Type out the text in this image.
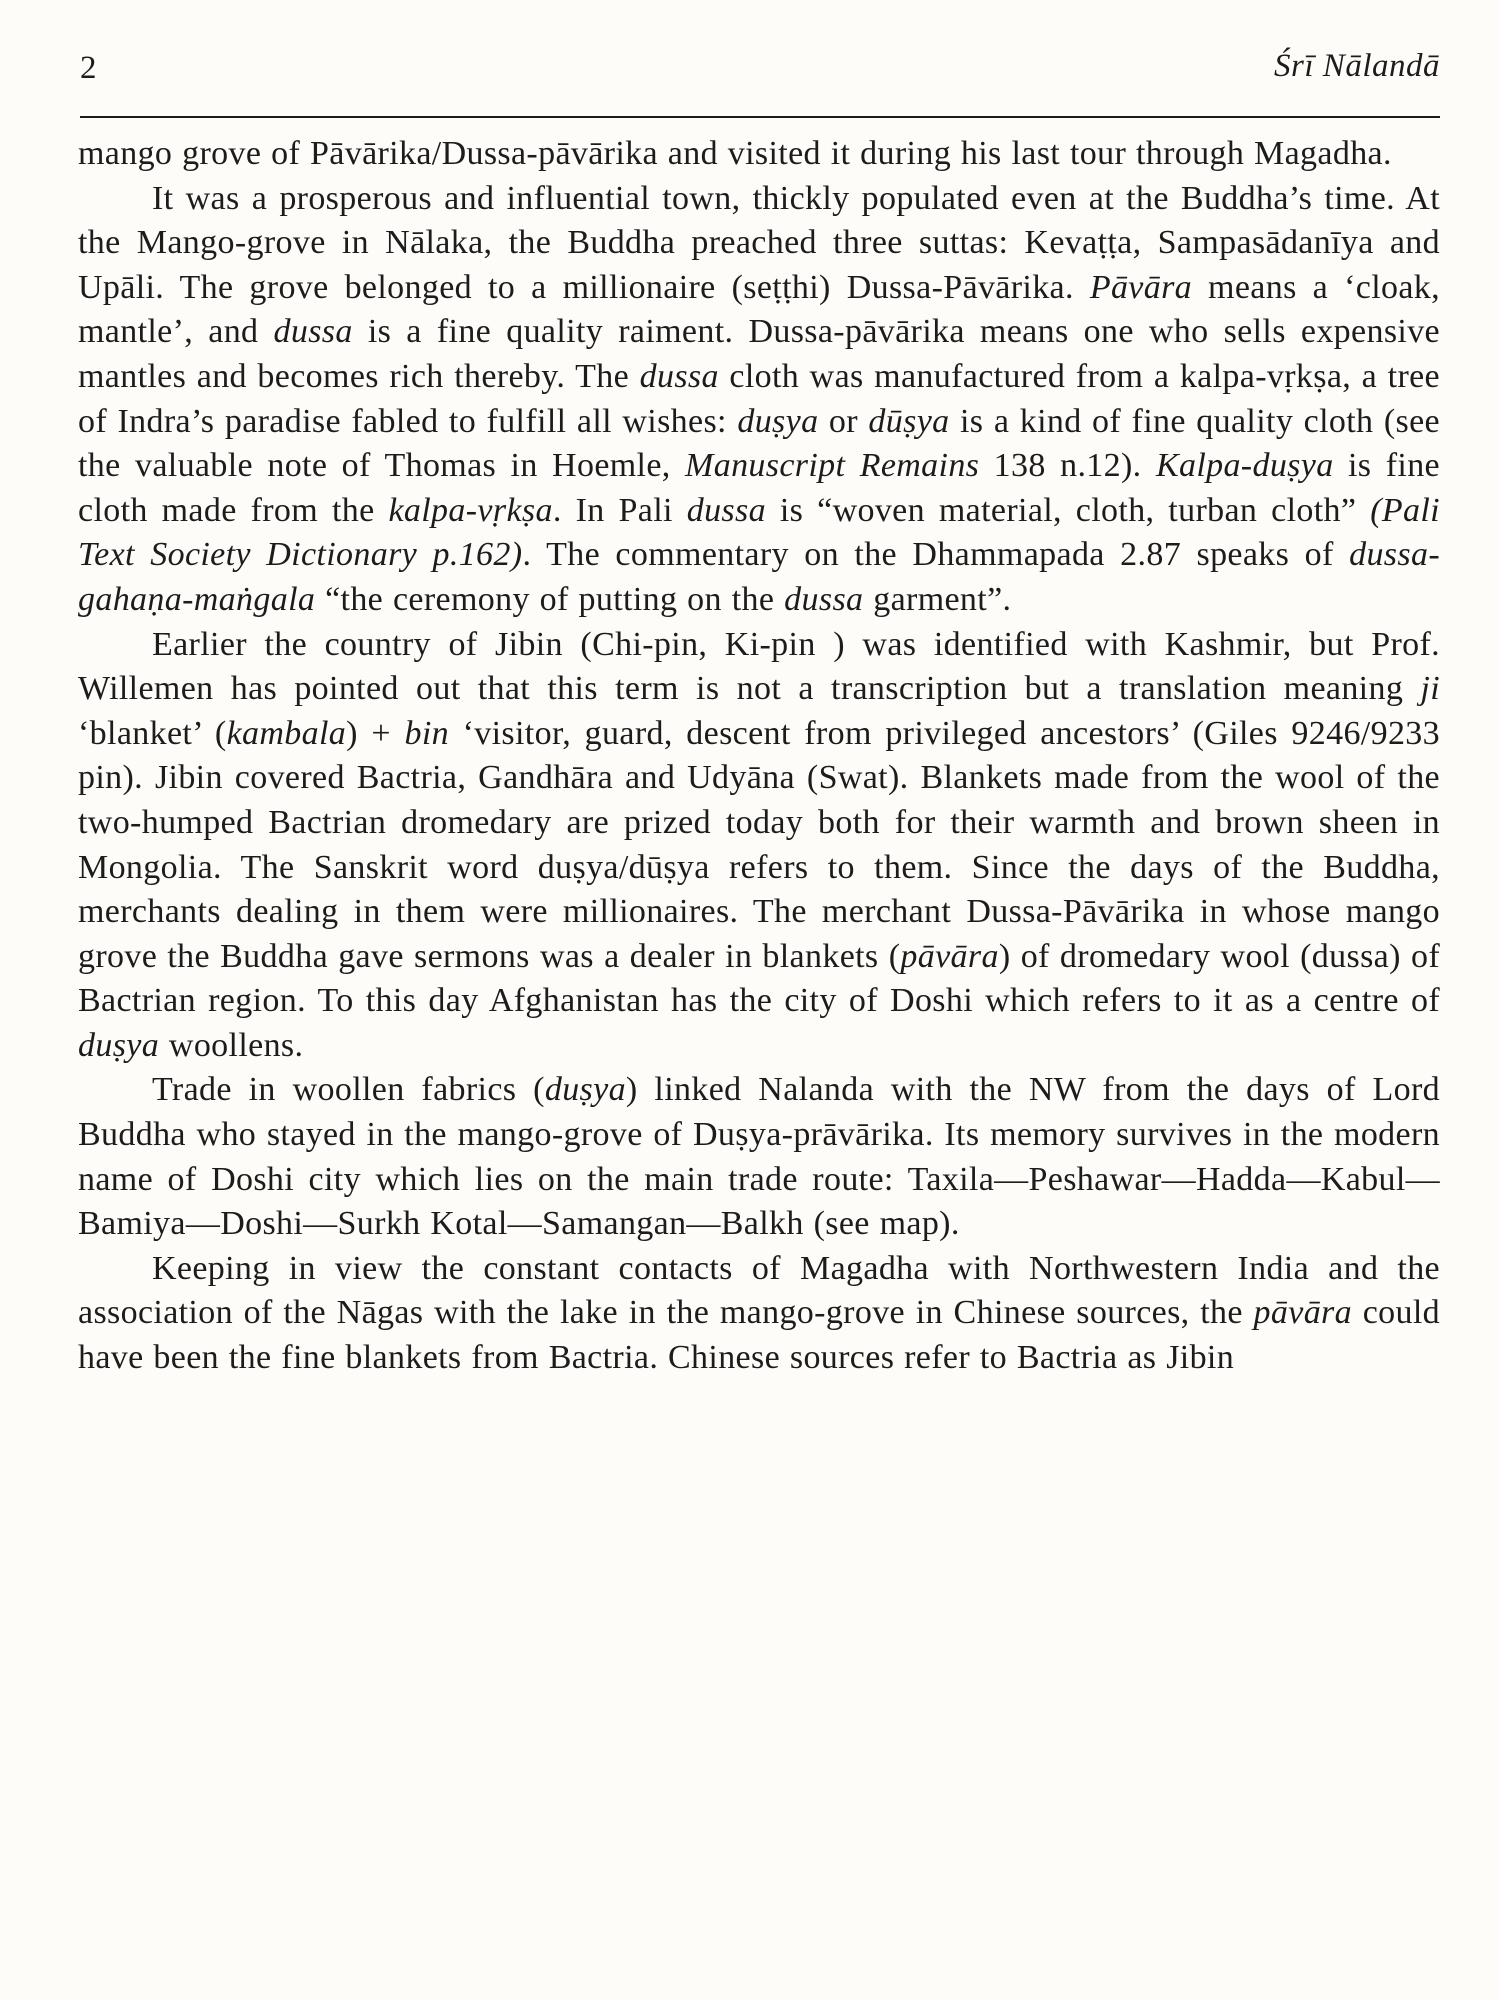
2	Śrī Nālandā

mango grove of Pāvārika/Dussa-pāvārika and visited it during his last tour through Magadha.

It was a prosperous and influential town, thickly populated even at the Buddha’s time. At the Mango-grove in Nālaka, the Buddha preached three suttas: Kevaṭṭa, Sampasādanīya and Upāli. The grove belonged to a millionaire (seṭṭhi) Dussa-Pāvārika. Pāvāra means a ‘cloak, mantle’, and dussa is a fine quality raiment. Dussa-pāvārika means one who sells expensive mantles and becomes rich thereby. The dussa cloth was manufactured from a kalpa-vṛkṣa, a tree of Indra’s paradise fabled to fulfill all wishes: duṣya or dūṣya is a kind of fine quality cloth (see the valuable note of Thomas in Hoemle, Manuscript Remains 138 n.12). Kalpa-duṣya is fine cloth made from the kalpa-vṛkṣa. In Pali dussa is “woven material, cloth, turban cloth” (Pali Text Society Dictionary p.162). The commentary on the Dhammapada 2.87 speaks of dussa-gahaṇa-maṅgala “the ceremony of putting on the dussa garment”.

Earlier the country of Jibin (Chi-pin, Ki-pin ) was identified with Kashmir, but Prof. Willemen has pointed out that this term is not a transcription but a translation meaning ji ‘blanket’ (kambala) + bin ‘visitor, guard, descent from privileged ancestors’ (Giles 9246/9233 pin). Jibin covered Bactria, Gandhāra and Udyāna (Swat). Blankets made from the wool of the two-humped Bactrian dromedary are prized today both for their warmth and brown sheen in Mongolia. The Sanskrit word duṣya/dūṣya refers to them. Since the days of the Buddha, merchants dealing in them were millionaires. The merchant Dussa-Pāvārika in whose mango grove the Buddha gave sermons was a dealer in blankets (pāvāra) of dromedary wool (dussa) of Bactrian region. To this day Afghanistan has the city of Doshi which refers to it as a centre of duṣya woollens.

Trade in woollen fabrics (duṣya) linked Nalanda with the NW from the days of Lord Buddha who stayed in the mango-grove of Duṣya-prāvārika. Its memory survives in the modern name of Doshi city which lies on the main trade route: Taxila—Peshawar—Hadda—Kabul—Bamiya—Doshi—Surkh Kotal—Samangan—Balkh (see map).

Keeping in view the constant contacts of Magadha with Northwestern India and the association of the Nāgas with the lake in the mango-grove in Chinese sources, the pāvāra could have been the fine blankets from Bactria. Chinese sources refer to Bactria as Jibin
